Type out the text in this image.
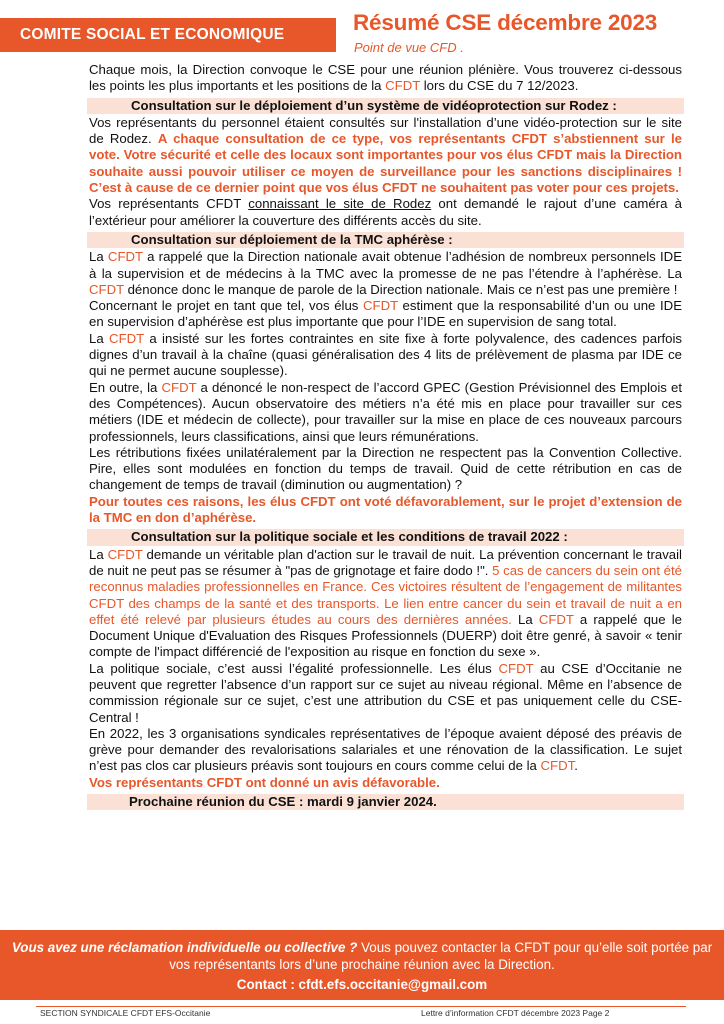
COMITE SOCIAL ET ECONOMIQUE	Résumé CSE décembre 2023
Point de vue CFD .

Chaque mois, la Direction convoque le CSE pour une réunion plénière. Vous trouverez ci-dessous les points les plus importants et les positions de la CFDT lors du CSE du 7 12/2023.

Consultation sur le déploiement d’un système de vidéoprotection sur Rodez :

Vos représentants du personnel étaient consultés sur l'installation d’une vidéo-protection sur le site de Rodez. A chaque consultation de ce type, vos représentants CFDT s’abstiennent sur le vote. Votre sécurité et celle des locaux sont importantes pour vos élus CFDT mais la Direction souhaite aussi pouvoir utiliser ce moyen de surveillance pour les sanctions disciplinaires ! C’est à cause de ce dernier point que vos élus CFDT ne souhaitent pas voter pour ces projets.

Vos représentants CFDT connaissant le site de Rodez ont demandé le rajout d’une caméra à l’extérieur pour améliorer la couverture des différents accès du site.

Consultation sur déploiement de la TMC aphérèse :

La CFDT a rappelé que la Direction nationale avait obtenue l’adhésion de nombreux personnels IDE à la supervision et de médecins à la TMC avec la promesse de ne pas l’étendre à l’aphérèse. La CFDT dénonce donc le manque de parole de la Direction nationale. Mais ce n’est pas une première !

Concernant le projet en tant que tel, vos élus CFDT estiment que la responsabilité d’un ou une IDE en supervision d’aphérèse est plus importante que pour l’IDE en supervision de sang total.

La CFDT a insisté sur les fortes contraintes en site fixe à forte polyvalence, des cadences parfois dignes d’un travail à la chaîne (quasi généralisation des 4 lits de prélèvement de plasma par IDE ce qui ne permet aucune souplesse).

En outre, la CFDT a dénoncé le non-respect de l’accord GPEC (Gestion Prévisionnel des Emplois et des Compétences). Aucun observatoire des métiers n’a été mis en place pour travailler sur ces métiers (IDE et médecin de collecte), pour travailler sur la mise en place de ces nouveaux parcours professionnels, leurs classifications, ainsi que leurs rémunérations.

Les rétributions fixées unilatéralement par la Direction ne respectent pas la Convention Collective. Pire, elles sont modulées en fonction du temps de travail. Quid de cette rétribution en cas de changement de temps de travail (diminution ou augmentation) ?

Pour toutes ces raisons, les élus CFDT ont voté défavorablement, sur le projet d’extension de la TMC en don d’aphérèse.

Consultation sur la politique sociale et les conditions de travail 2022 :

La CFDT demande un véritable plan d'action sur le travail de nuit. La prévention concernant le travail de nuit ne peut pas se résumer à "pas de grignotage et faire dodo !". 5 cas de cancers du sein ont été reconnus maladies professionnelles en France. Ces victoires résultent de l’engagement de militantes CFDT des champs de la santé et des transports. Le lien entre cancer du sein et travail de nuit a en effet été relevé par plusieurs études au cours des dernières années. La CFDT a rappelé que le Document Unique d'Evaluation des Risques Professionnels (DUERP) doit être genré, à savoir « tenir compte de l'impact différencié de l'exposition au risque en fonction du sexe ».

La politique sociale, c’est aussi l’égalité professionnelle. Les élus CFDT au CSE d’Occitanie ne peuvent que regretter l’absence d’un rapport sur ce sujet au niveau régional. Même en l’absence de commission régionale sur ce sujet, c’est une attribution du CSE et pas uniquement celle du CSE-Central !

En 2022, les 3 organisations syndicales représentatives de l’époque avaient déposé des préavis de grève pour demander des revalorisations salariales et une rénovation de la classification. Le sujet n’est pas clos car plusieurs préavis sont toujours en cours comme celui de la CFDT.

Vos représentants CFDT ont donné un avis défavorable.

Prochaine réunion du CSE : mardi 9 janvier 2024.

Vous avez une réclamation individuelle ou collective ? Vous pouvez contacter la CFDT pour qu’elle soit portée par vos représentants lors d’une prochaine réunion avec la Direction.
Contact : cfdt.efs.occitanie@gmail.com
SECTION SYNDICALE CFDT EFS-Occitanie	Lettre d’information CFDT décembre 2023 Page 2
